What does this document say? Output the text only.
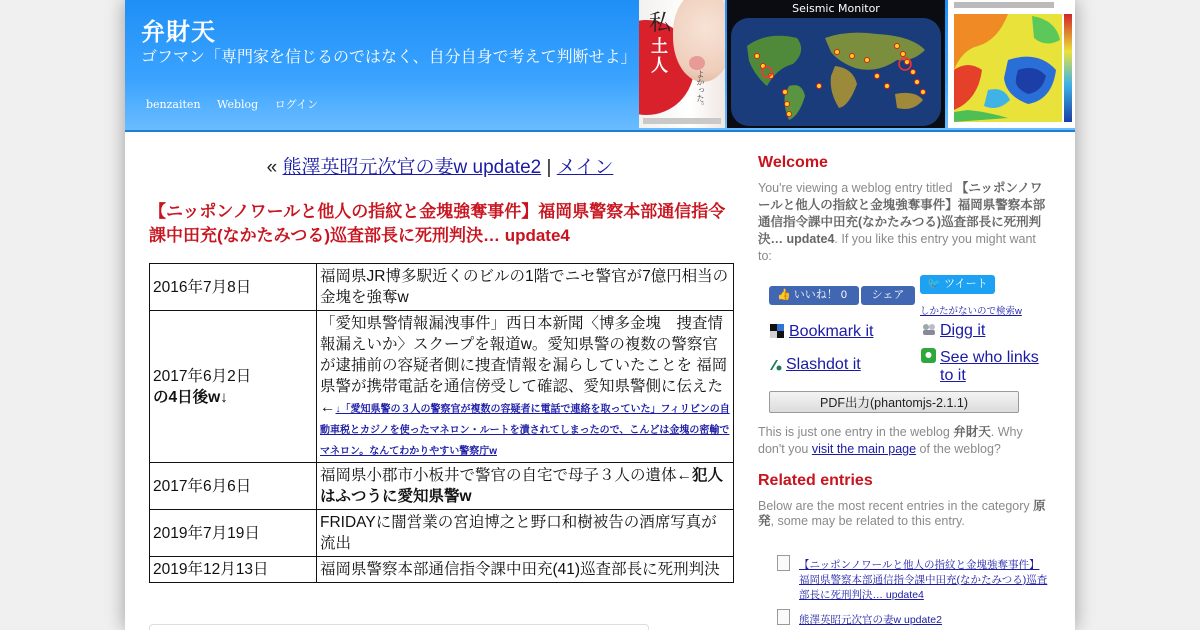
弁財天
ゴフマン「専門家を信じるのではなく、自分自身で考えて判断せよ」
benzaiten Weblog ログイン
私
土人
よかった。
Seismic Monitor
« 熊澤英昭元次官の妻w update2 | メイン
【ニッポンノワールと他人の指紋と金塊強奪事件】福岡県警察本部通信指令課中田充(なかたみつる)巡査部長に死刑判決… update4
2016年7月8日	福岡県JR博多駅近くのビルの1階でニセ警官が7億円相当の金塊を強奪w
2017年6月2日
の4日後w↓	「愛知県警情報漏洩事件」西日本新聞〈博多金塊　捜査情報漏えいか〉スクープを報道w。愛知県警の複数の警察官が逮捕前の容疑者側に捜査情報を漏らしていたことを 福岡県警が携帯電話を通信傍受して確認、愛知県警側に伝えた←↓「愛知県警の３人の警察官が複数の容疑者に電話で連絡を取っていた」フィリピンの自動車税とカジノを使ったマネロン・ルートを潰されてしまったので、こんどは金塊の密輸でマネロン。なんてわかりやすい警察庁w
2017年6月6日	福岡県小郡市小板井で警官の自宅で母子３人の遺体←犯人はふつうに愛知県警w
2019年7月19日	FRIDAYに闇営業の宮迫博之と野口和樹被告の酒席写真が流出
2019年12月13日	福岡県警察本部通信指令課中田充(41)巡査部長に死刑判決
Welcome
You're viewing a weblog entry titled 【ニッポンノワールと他人の指紋と金塊強奪事件】福岡県警察本部通信指令課中田充(なかたみつる)巡査部長に死刑判決… update4. If you like this entry you might want to:
👍 いいね！ 0	シェア
🐦 ツイート
しかたがないので検索w
Bookmark it	Digg it
Slashdot it	See who links to it
PDF出力(phantomjs-2.1.1)
This is just one entry in the weblog 弁財天. Why don't you visit the main page of the weblog?
Related entries
Below are the most recent entries in the category 原発, some may be related to this entry.
【ニッポンノワールと他人の指紋と金塊強奪事件】福岡県警察本部通信指令課中田充(なかたみつる)巡査部長に死刑判決… update4
熊澤英昭元次官の妻w update2
